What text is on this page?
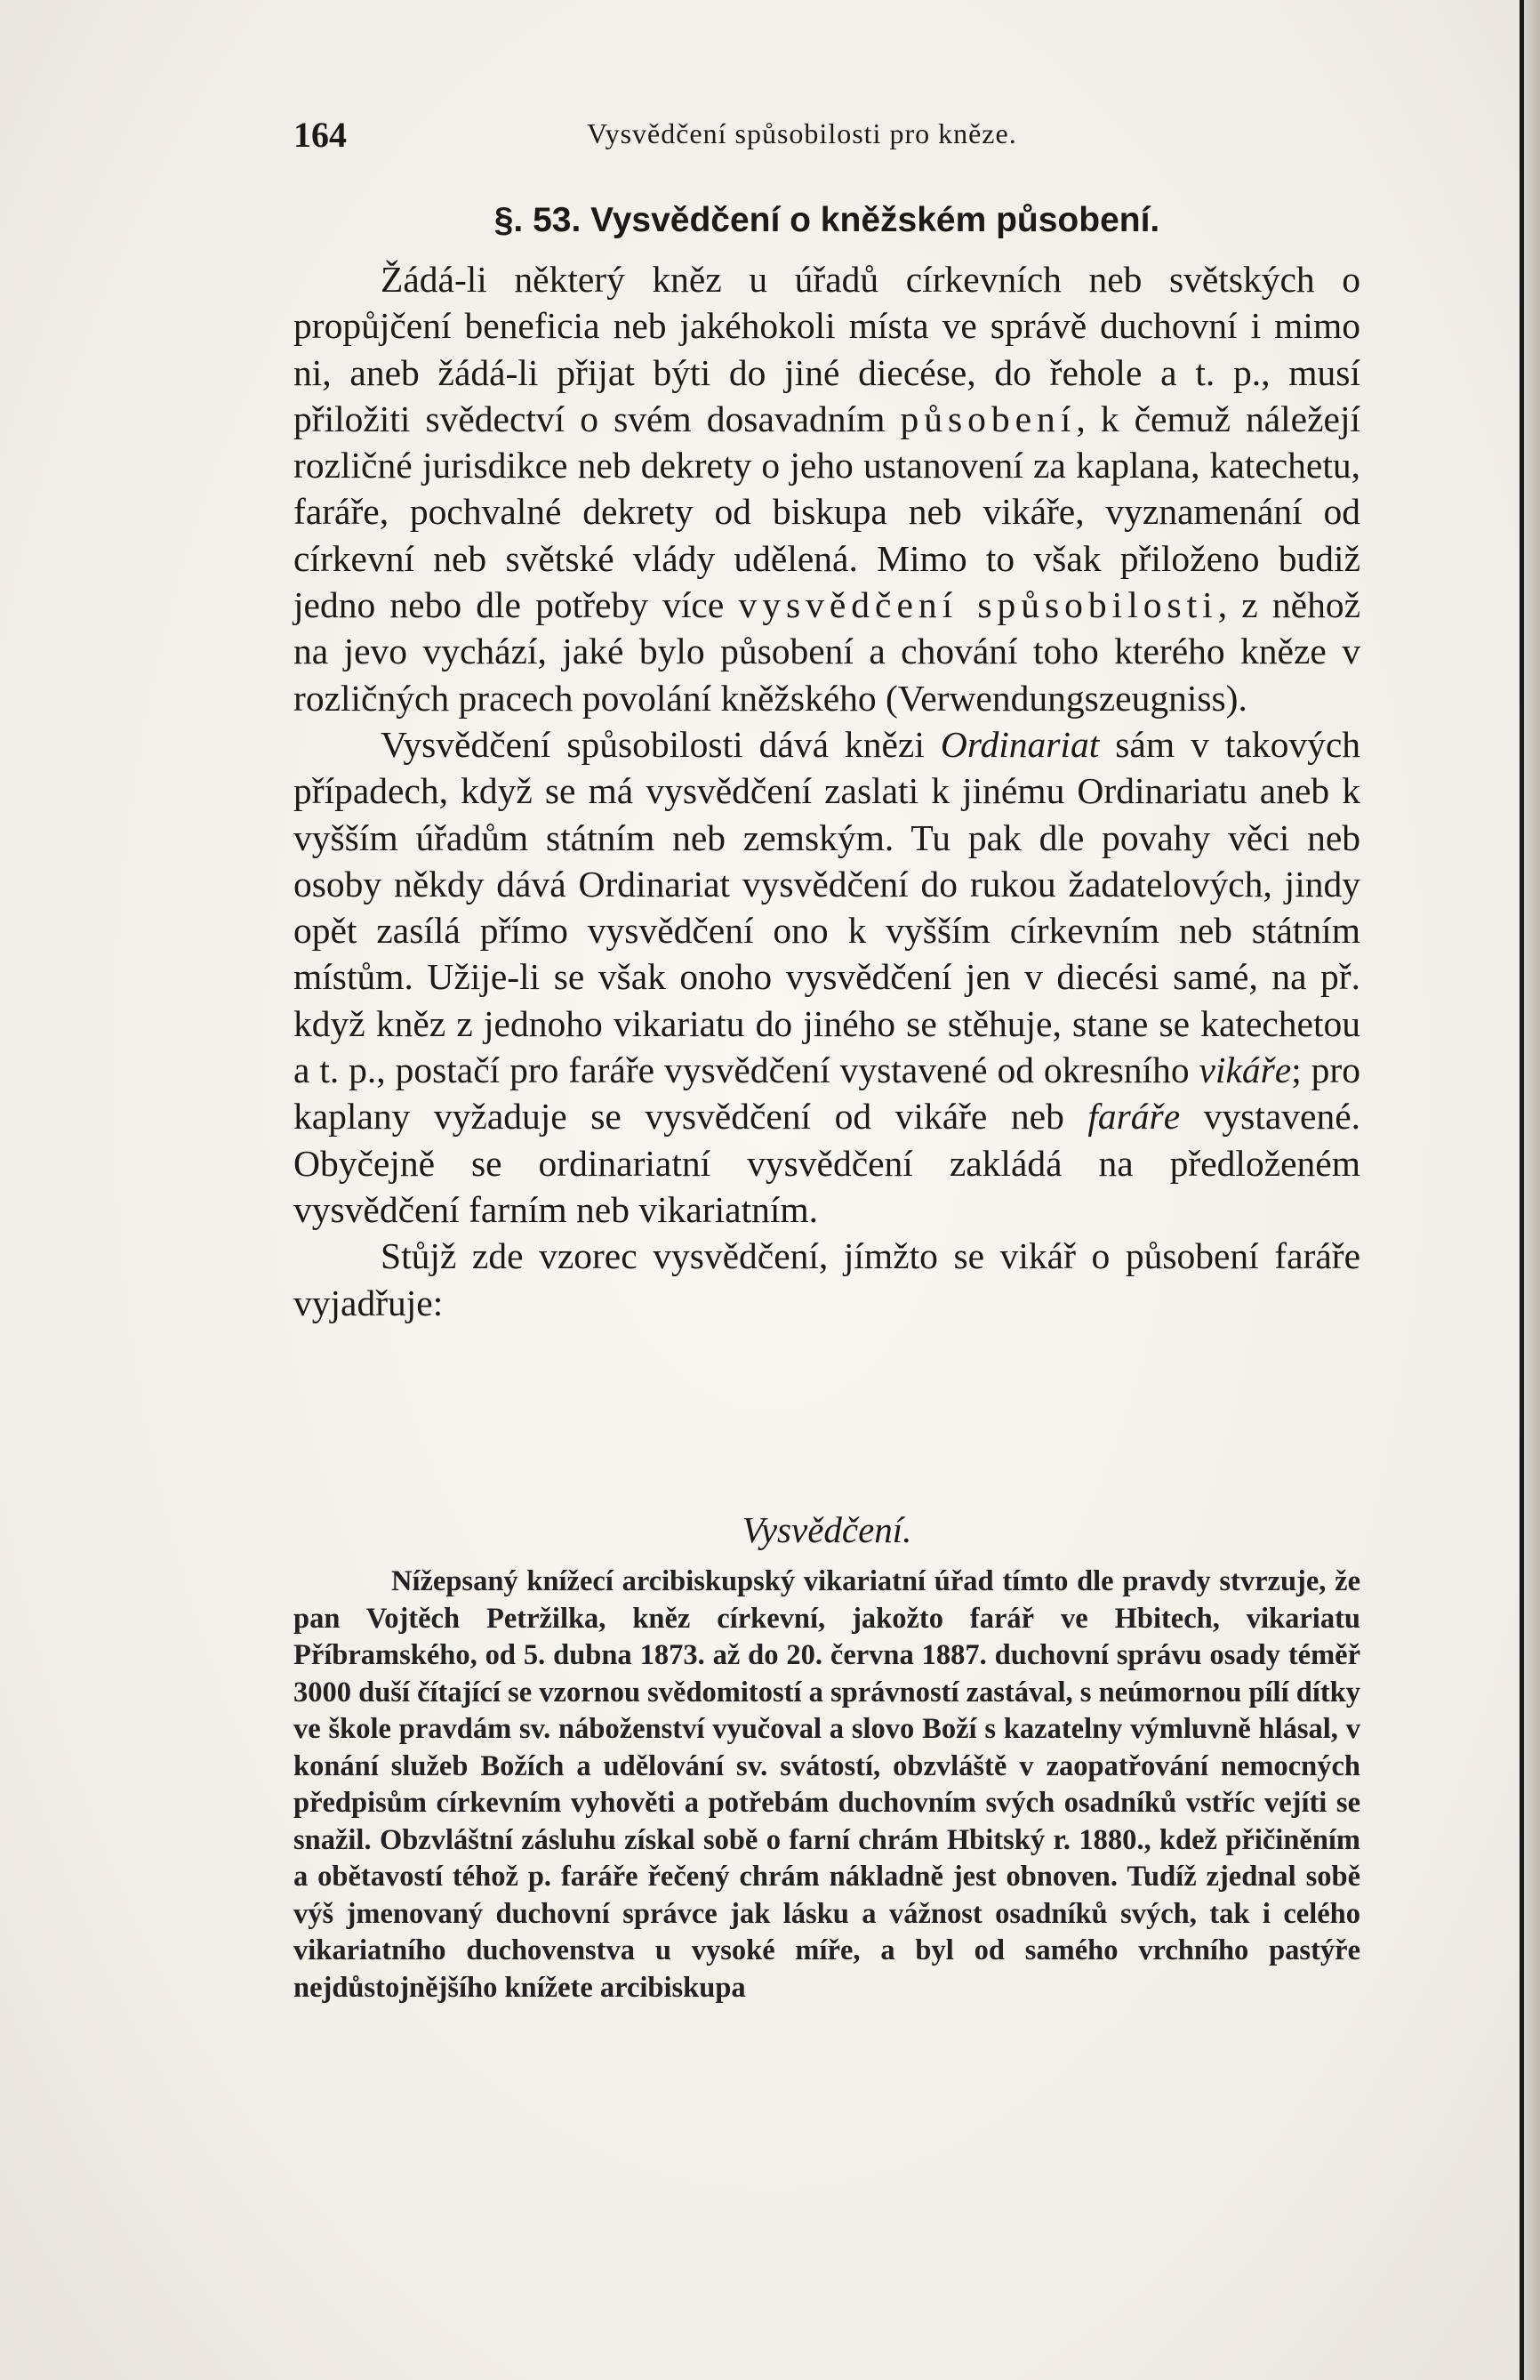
164	Vysvědčení spůsobilosti pro kněze.
§. 53. Vysvědčení o kněžském působení.

Žádá-li některý kněz u úřadů církevních neb světských o propůjčení beneficia neb jakéhokoli místa ve správě duchovní i mimo ni, aneb žádá-li přijat býti do jiné diecése, do řehole a t. p., musí přiložiti svědectví o svém dosavadním působení, k čemuž náležejí rozličné jurisdikce neb dekrety o jeho ustanovení za kaplana, katechetu, faráře, pochvalné dekrety od biskupa neb vikáře, vyznamenání od církevní neb světské vlády udělená. Mimo to však přiloženo budiž jedno nebo dle potřeby více vysvědčení spůsobilosti, z něhož na jevo vychází, jaké bylo působení a chování toho kterého kněze v rozličných pracech povolání kněžského (Verwendungszeugniss).

Vysvědčení spůsobilosti dává knězi Ordinariat sám v takových případech, když se má vysvědčení zaslati k jinému Ordinariatu aneb k vyšším úřadům státním neb zemským. Tu pak dle povahy věci neb osoby někdy dává Ordinariat vysvědčení do rukou žadatelových, jindy opět zasílá přímo vysvědčení ono k vyšším církevním neb státním místům. Užije-li se však onoho vysvědčení jen v diecési samé, na př. když kněz z jednoho vikariatu do jiného se stěhuje, stane se katechetou a t. p., postačí pro faráře vysvědčení vystavené od okresního vikáře; pro kaplany vyžaduje se vysvědčení od vikáře neb faráře vystavené. Obyčejně se ordinariatní vysvědčení zakládá na předloženém vysvědčení farním neb vikariatním.

Stůjž zde vzorec vysvědčení, jímžto se vikář o působení faráře vyjadřuje:

Vysvědčení.

Nížepsaný knížecí arcibiskupský vikariatní úřad tímto dle pravdy stvrzuje, že pan Vojtěch Petržilka, kněz církevní, jakožto farář ve Hbitech, vikariatu Příbramského, od 5. dubna 1873. až do 20. června 1887. duchovní správu osady téměř 3000 duší čítající se vzornou svědomitostí a správností zastával, s neúmornou pílí dítky ve škole pravdám sv. náboženství vyučoval a slovo Boží s kazatelny výmluvně hlásal, v konání služeb Božích a udělování sv. svátostí, obzvláště v zaopatřování nemocných předpisům církevním vyhověti a potřebám duchovním svých osadníků vstříc vejíti se snažil. Obzvláštní zásluhu získal sobě o farní chrám Hbitský r. 1880., kdež přičiněním a obětavostí téhož p. faráře řečený chrám nákladně jest obnoven. Tudíž zjednal sobě výš jmenovaný duchovní správce jak lásku a vážnost osadníků svých, tak i celého vikariatního duchovenstva u vysoké míře, a byl od samého vrchního pastýře nejdůstojnějšího knížete arcibiskupa
